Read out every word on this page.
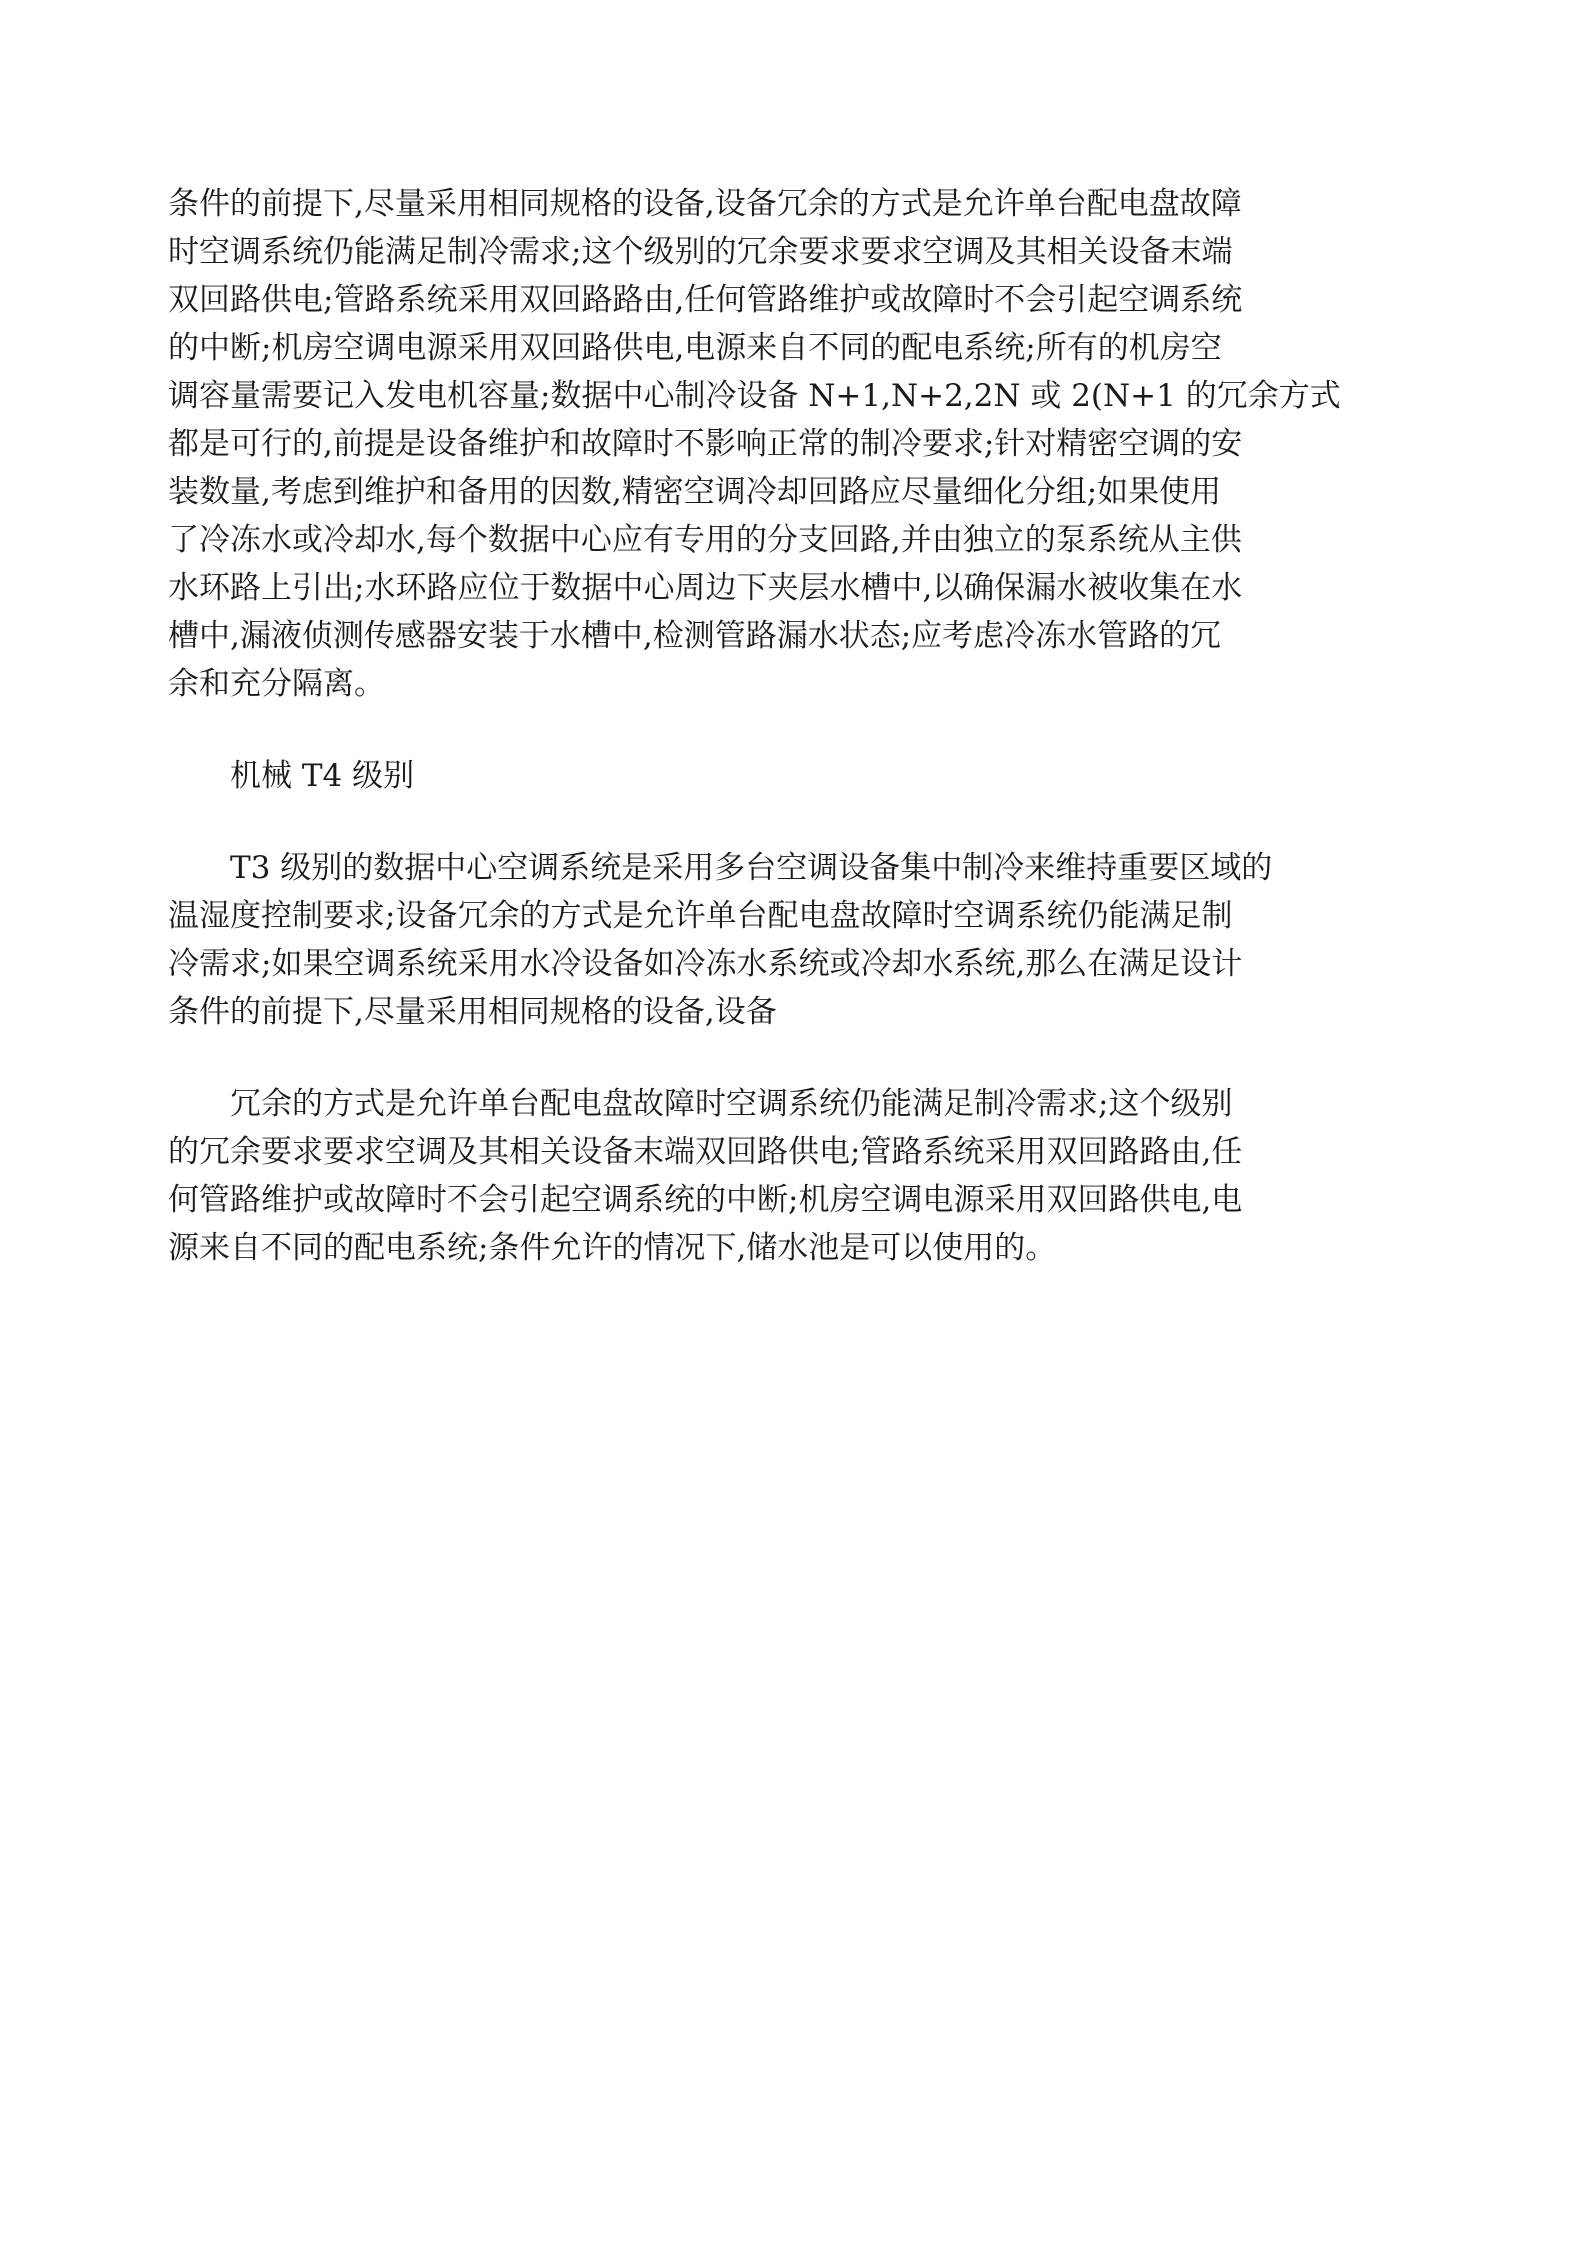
条件的前提下,尽量采用相同规格的设备,设备冗余的方式是允许单台配电盘故障
时空调系统仍能满足制冷需求;这个级别的冗余要求要求空调及其相关设备末端
双回路供电;管路系统采用双回路路由,任何管路维护或故障时不会引起空调系统
的中断;机房空调电源采用双回路供电,电源来自不同的配电系统;所有的机房空
调容量需要记入发电机容量;数据中心制冷设备 N+1,N+2,2N 或 2(N+1 的冗余方式
都是可行的,前提是设备维护和故障时不影响正常的制冷要求;针对精密空调的安
装数量,考虑到维护和备用的因数,精密空调冷却回路应尽量细化分组;如果使用
了冷冻水或冷却水,每个数据中心应有专用的分支回路,并由独立的泵系统从主供
水环路上引出;水环路应位于数据中心周边下夹层水槽中,以确保漏水被收集在水
槽中,漏液侦测传感器安装于水槽中,检测管路漏水状态;应考虑冷冻水管路的冗
余和充分隔离。

机械 T4 级别

T3 级别的数据中心空调系统是采用多台空调设备集中制冷来维持重要区域的
温湿度控制要求;设备冗余的方式是允许单台配电盘故障时空调系统仍能满足制
冷需求;如果空调系统采用水冷设备如冷冻水系统或冷却水系统,那么在满足设计
条件的前提下,尽量采用相同规格的设备,设备

冗余的方式是允许单台配电盘故障时空调系统仍能满足制冷需求;这个级别
的冗余要求要求空调及其相关设备末端双回路供电;管路系统采用双回路路由,任
何管路维护或故障时不会引起空调系统的中断;机房空调电源采用双回路供电,电
源来自不同的配电系统;条件允许的情况下,储水池是可以使用的。
